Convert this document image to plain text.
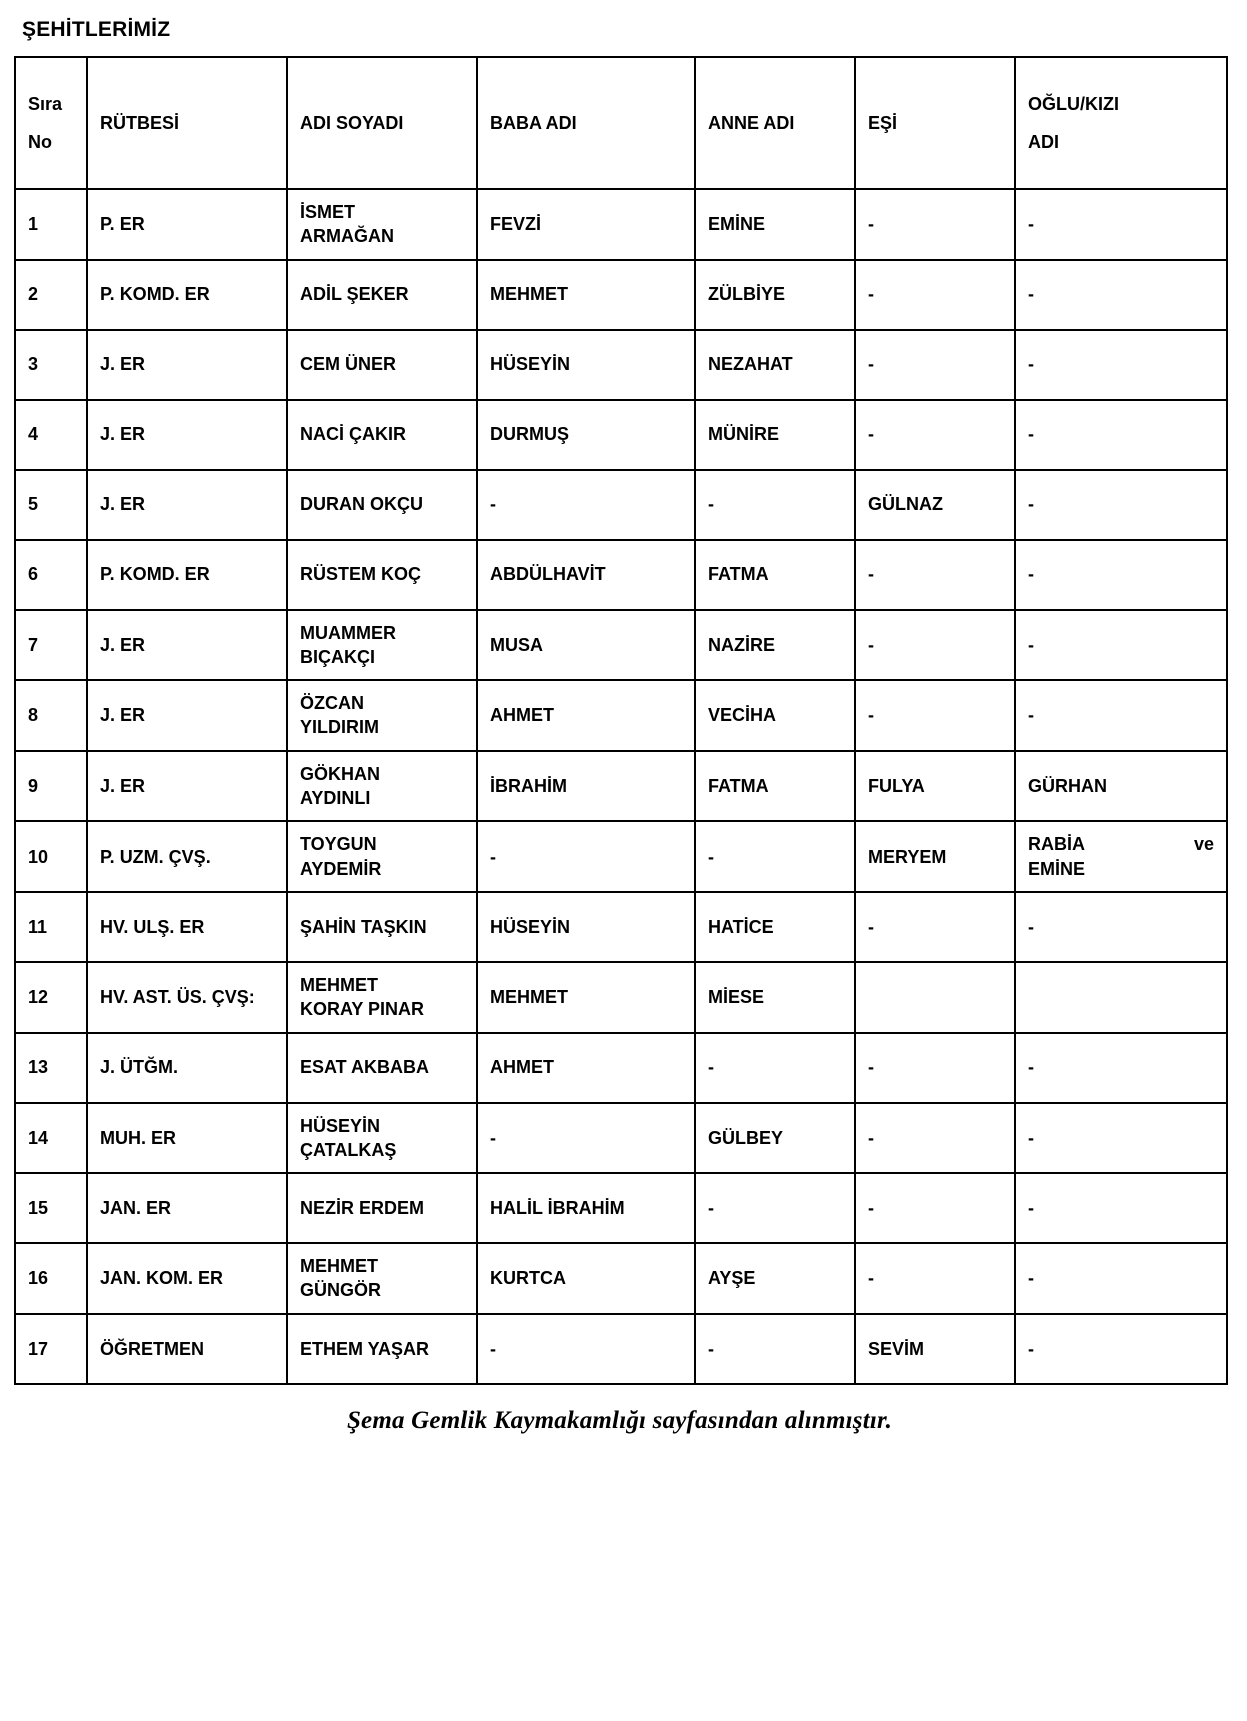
ŞEHİTLERİMİZ
Sıra
No	RÜTBESİ	ADI SOYADI	BABA ADI	ANNE ADI	EŞİ	OĞLU/KIZI
ADI

1	P. ER	İSMET
ARMAĞAN	FEVZİ	EMİNE	-	-
2	P. KOMD. ER	ADİL ŞEKER	MEHMET	ZÜLBİYE	-	-
3	J. ER	CEM ÜNER	HÜSEYİN	NEZAHAT	-	-
4	J. ER	NACİ ÇAKIR	DURMUŞ	MÜNİRE	-	-
5	J. ER	DURAN OKÇU	-	-	GÜLNAZ	-
6	P. KOMD. ER	RÜSTEM KOÇ	ABDÜLHAVİT	FATMA	-	-
7	J. ER	MUAMMER
BIÇAKÇI	MUSA	NAZİRE	-	-
8	J. ER	ÖZCAN
YILDIRIM	AHMET	VECİHA	-	-
9	J. ER	GÖKHAN
AYDINLI	İBRAHİM	FATMA	FULYA	GÜRHAN
10	P. UZM. ÇVŞ.	TOYGUN
AYDEMİR	-	-	MERYEM	RABİA ve
EMİNE
11	HV. ULŞ. ER	ŞAHİN TAŞKIN	HÜSEYİN	HATİCE	-	-
12	HV. AST. ÜS. ÇVŞ:	MEHMET
KORAY PINAR	MEHMET	MİESE		
13	J. ÜTĞM.	ESAT AKBABA	AHMET	-	-	-
14	MUH. ER	HÜSEYİN
ÇATALKAŞ	-	GÜLBEY	-	-
15	JAN. ER	NEZİR ERDEM	HALİL İBRAHİM	-	-	-
16	JAN. KOM. ER	MEHMET
GÜNGÖR	KURTCA	AYŞE	-	-
17	ÖĞRETMEN	ETHEM YAŞAR	-	-	SEVİM	-
Şema Gemlik Kaymakamlığı sayfasından alınmıştır.
